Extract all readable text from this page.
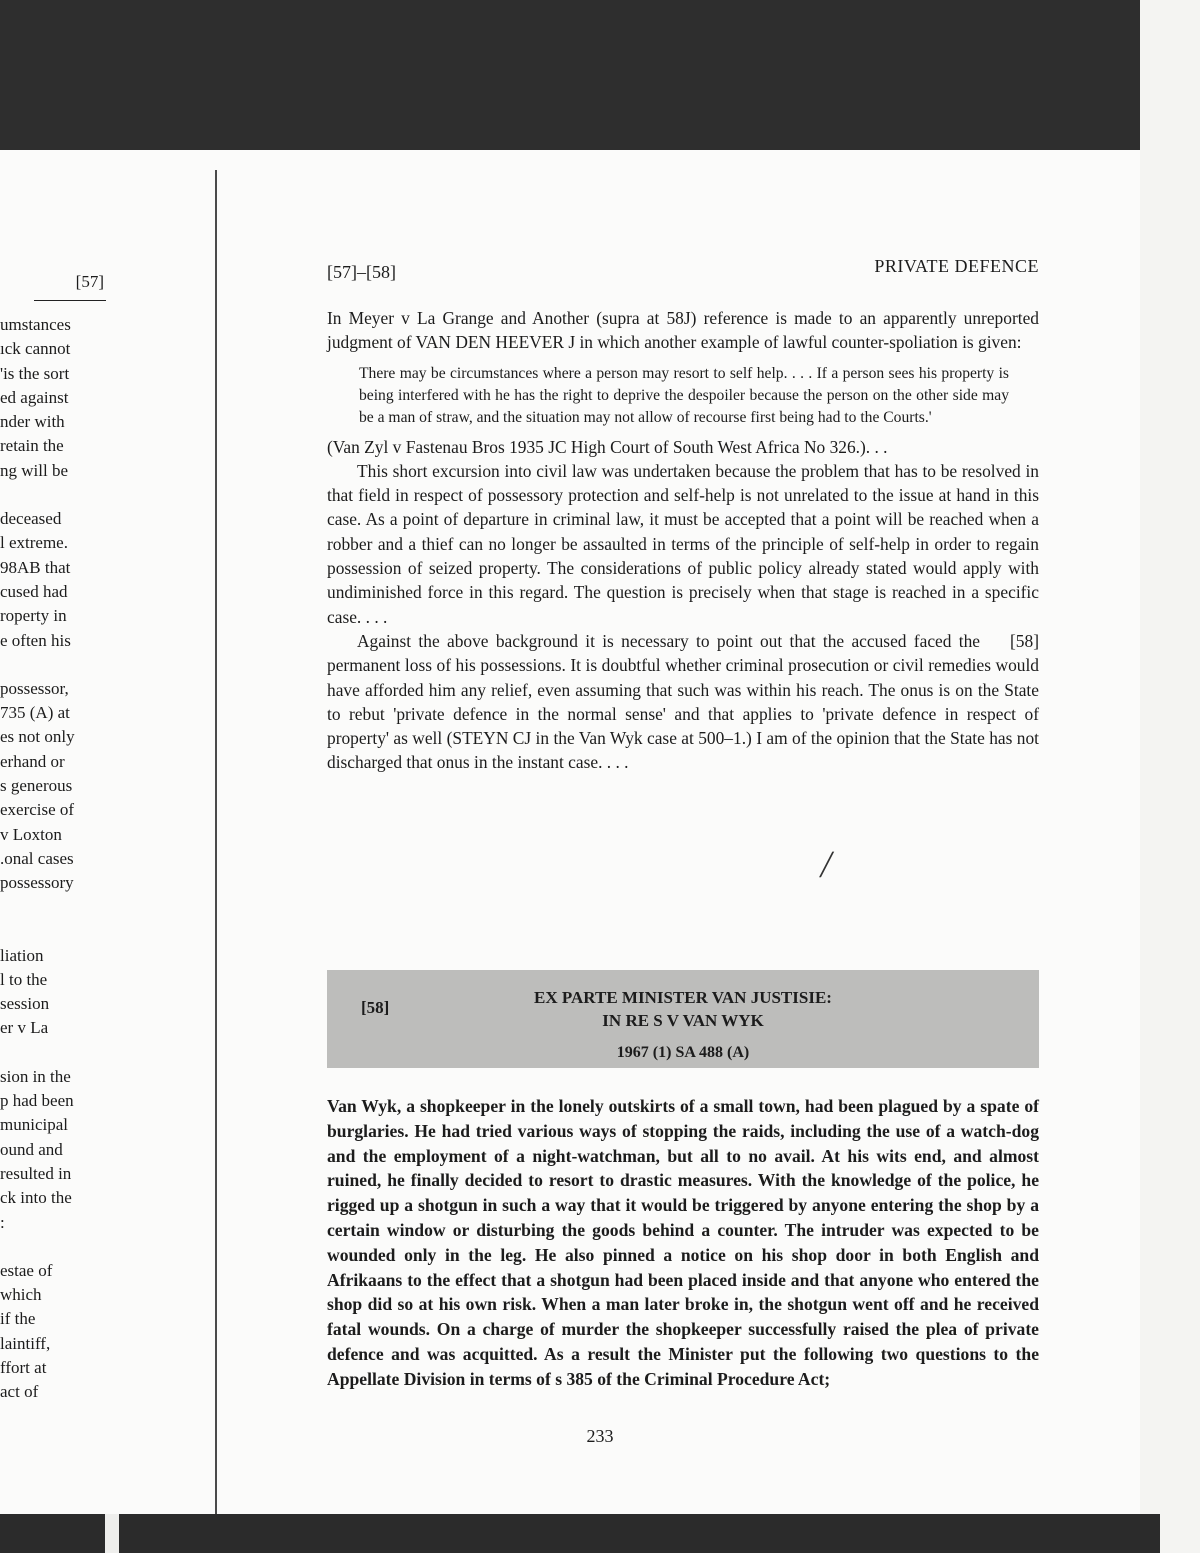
[57]
umstances
ıck cannot
'is the sort
ed against
nder with
retain the
ng will be
deceased
l extreme.
98AB that
cused had
roperty in
e often his
possessor,
735 (A) at
es not only
erhand or
s generous
exercise of
v Loxton
.onal cases
possessory
liation
l to the
session
er v La
sion in the
p had been
municipal
ound and
resulted in
ck into the
:
estae of
which
if the
laintiff,
ffort at
act of
[57]–[58]	PRIVATE DEFENCE

In Meyer v La Grange and Another (supra at 58J) reference is made to an apparently unreported judgment of VAN DEN HEEVER J in which another example of lawful counter-spoliation is given:

There may be circumstances where a person may resort to self help. . . . If a person sees his property is being interfered with he has the right to deprive the despoiler because the person on the other side may be a man of straw, and the situation may not allow of recourse first being had to the Courts.'

(Van Zyl v Fastenau Bros 1935 JC High Court of South West Africa No 326.). . .

This short excursion into civil law was undertaken because the problem that has to be resolved in that field in respect of possessory protection and self-help is not unrelated to the issue at hand in this case. As a point of departure in criminal law, it must be accepted that a point will be reached when a robber and a thief can no longer be assaulted in terms of the principle of self-help in order to regain possession of seized property. The considerations of public policy already stated would apply with undiminished force in this regard. The question is precisely when that stage is reached in a specific case. . . .

[58]
Against the above background it is necessary to point out that the accused faced the permanent loss of his possessions. It is doubtful whether criminal prosecution or civil remedies would have afforded him any relief, even assuming that such was within his reach. The onus is on the State to rebut 'private defence in the normal sense' and that applies to 'private defence in respect of property' as well (STEYN CJ in the Van Wyk case at 500–1.) I am of the opinion that the State has not discharged that onus in the instant case. . . .

╱
[58]
EX PARTE MINISTER VAN JUSTISIE:
IN RE S V VAN WYK
1967 (1) SA 488 (A)
Van Wyk, a shopkeeper in the lonely outskirts of a small town, had been plagued by a spate of burglaries. He had tried various ways of stopping the raids, including the use of a watch-dog and the employment of a night-watchman, but all to no avail. At his wits end, and almost ruined, he finally decided to resort to drastic measures. With the knowledge of the police, he rigged up a shotgun in such a way that it would be triggered by anyone entering the shop by a certain window or disturbing the goods behind a counter. The intruder was expected to be wounded only in the leg. He also pinned a notice on his shop door in both English and Afrikaans to the effect that a shotgun had been placed inside and that anyone who entered the shop did so at his own risk. When a man later broke in, the shotgun went off and he received fatal wounds. On a charge of murder the shopkeeper successfully raised the plea of private defence and was acquitted. As a result the Minister put the following two questions to the Appellate Division in terms of s 385 of the Criminal Procedure Act;
233
